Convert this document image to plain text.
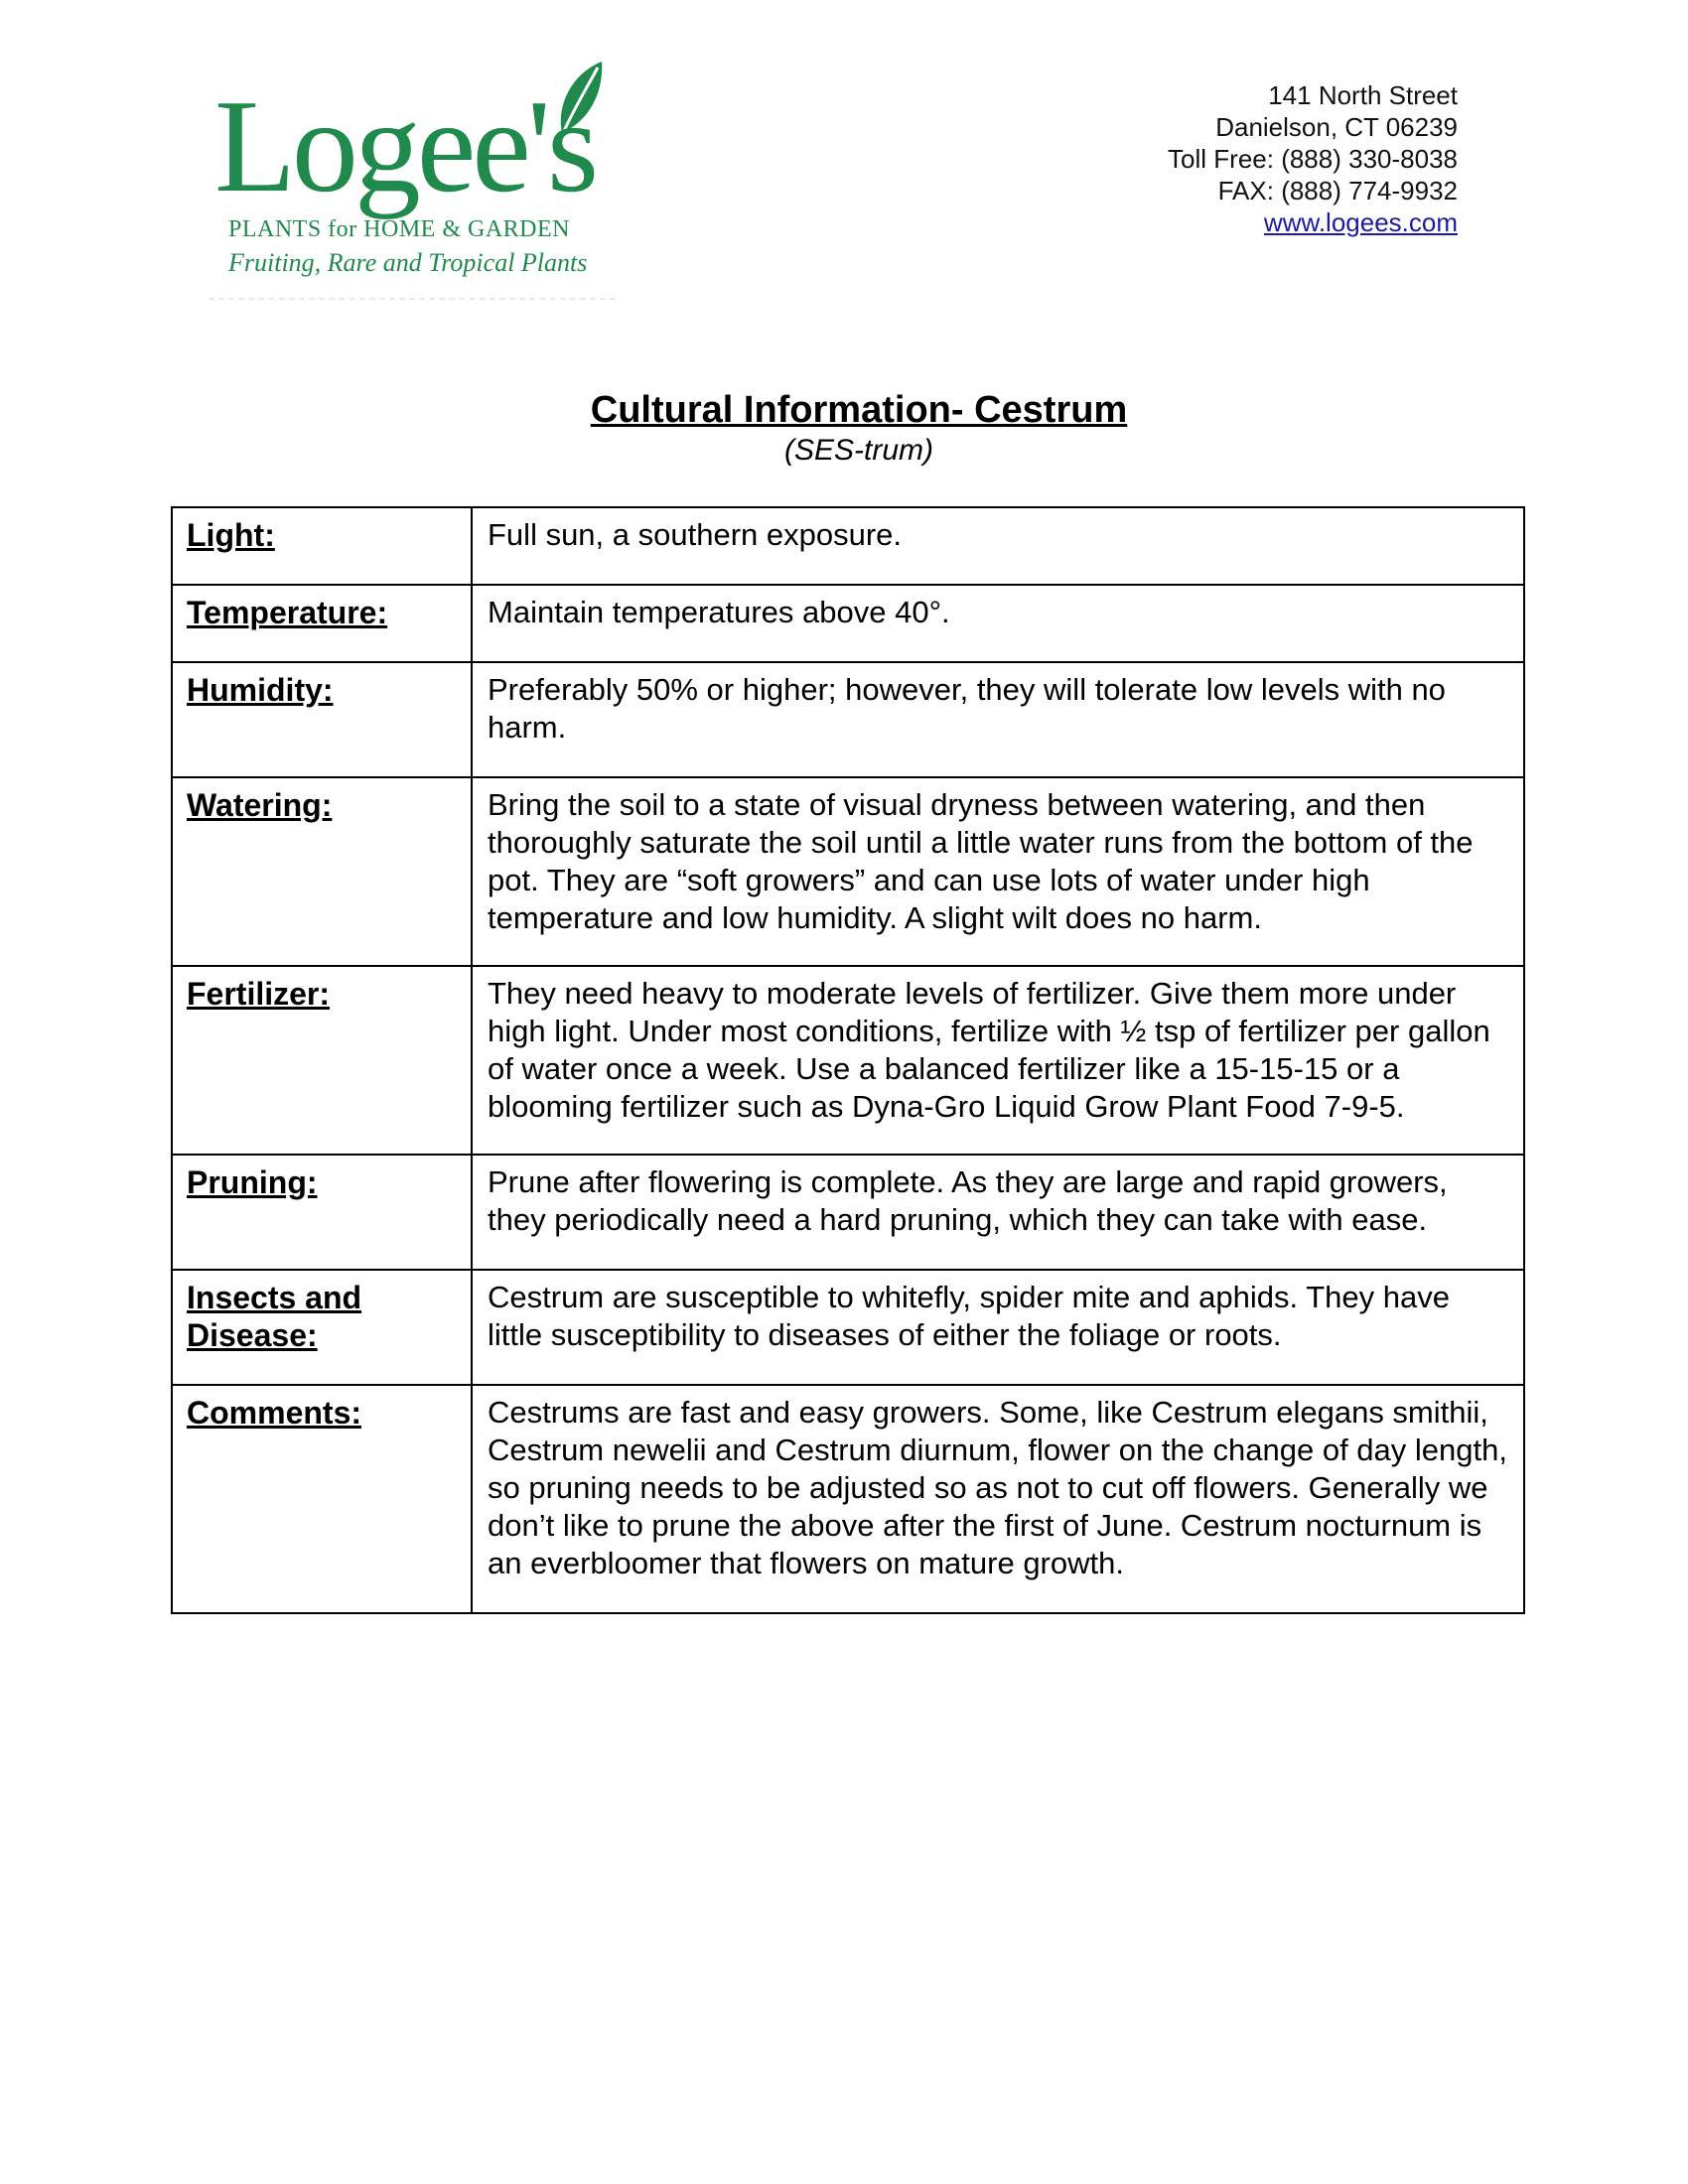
Logee's
PLANTS for HOME & GARDEN
Fruiting, Rare and Tropical Plants
141 North Street
Danielson, CT 06239
Toll Free: (888) 330-8038
FAX: (888) 774-9932
www.logees.com
Cultural Information- Cestrum
(SES-trum)
Light:	Full sun, a southern exposure.
Temperature:	Maintain temperatures above 40°.
Humidity:	Preferably 50% or higher; however, they will tolerate low levels with no harm.
Watering:	Bring the soil to a state of visual dryness between watering, and then thoroughly saturate the soil until a little water runs from the bottom of the pot. They are “soft growers” and can use lots of water under high temperature and low humidity. A slight wilt does no harm.
Fertilizer:	They need heavy to moderate levels of fertilizer. Give them more under high light. Under most conditions, fertilize with ½ tsp of fertilizer per gallon of water once a week. Use a balanced fertilizer like a 15-15-15 or a blooming fertilizer such as Dyna-Gro Liquid Grow Plant Food 7-9-5.
Pruning:	Prune after flowering is complete. As they are large and rapid growers, they periodically need a hard pruning, which they can take with ease.
Insects and Disease:	Cestrum are susceptible to whitefly, spider mite and aphids. They have little susceptibility to diseases of either the foliage or roots.
Comments:	Cestrums are fast and easy growers. Some, like Cestrum elegans smithii, Cestrum newelii and Cestrum diurnum, flower on the change of day length, so pruning needs to be adjusted so as not to cut off flowers. Generally we don’t like to prune the above after the first of June. Cestrum nocturnum is an everbloomer that flowers on mature growth.
